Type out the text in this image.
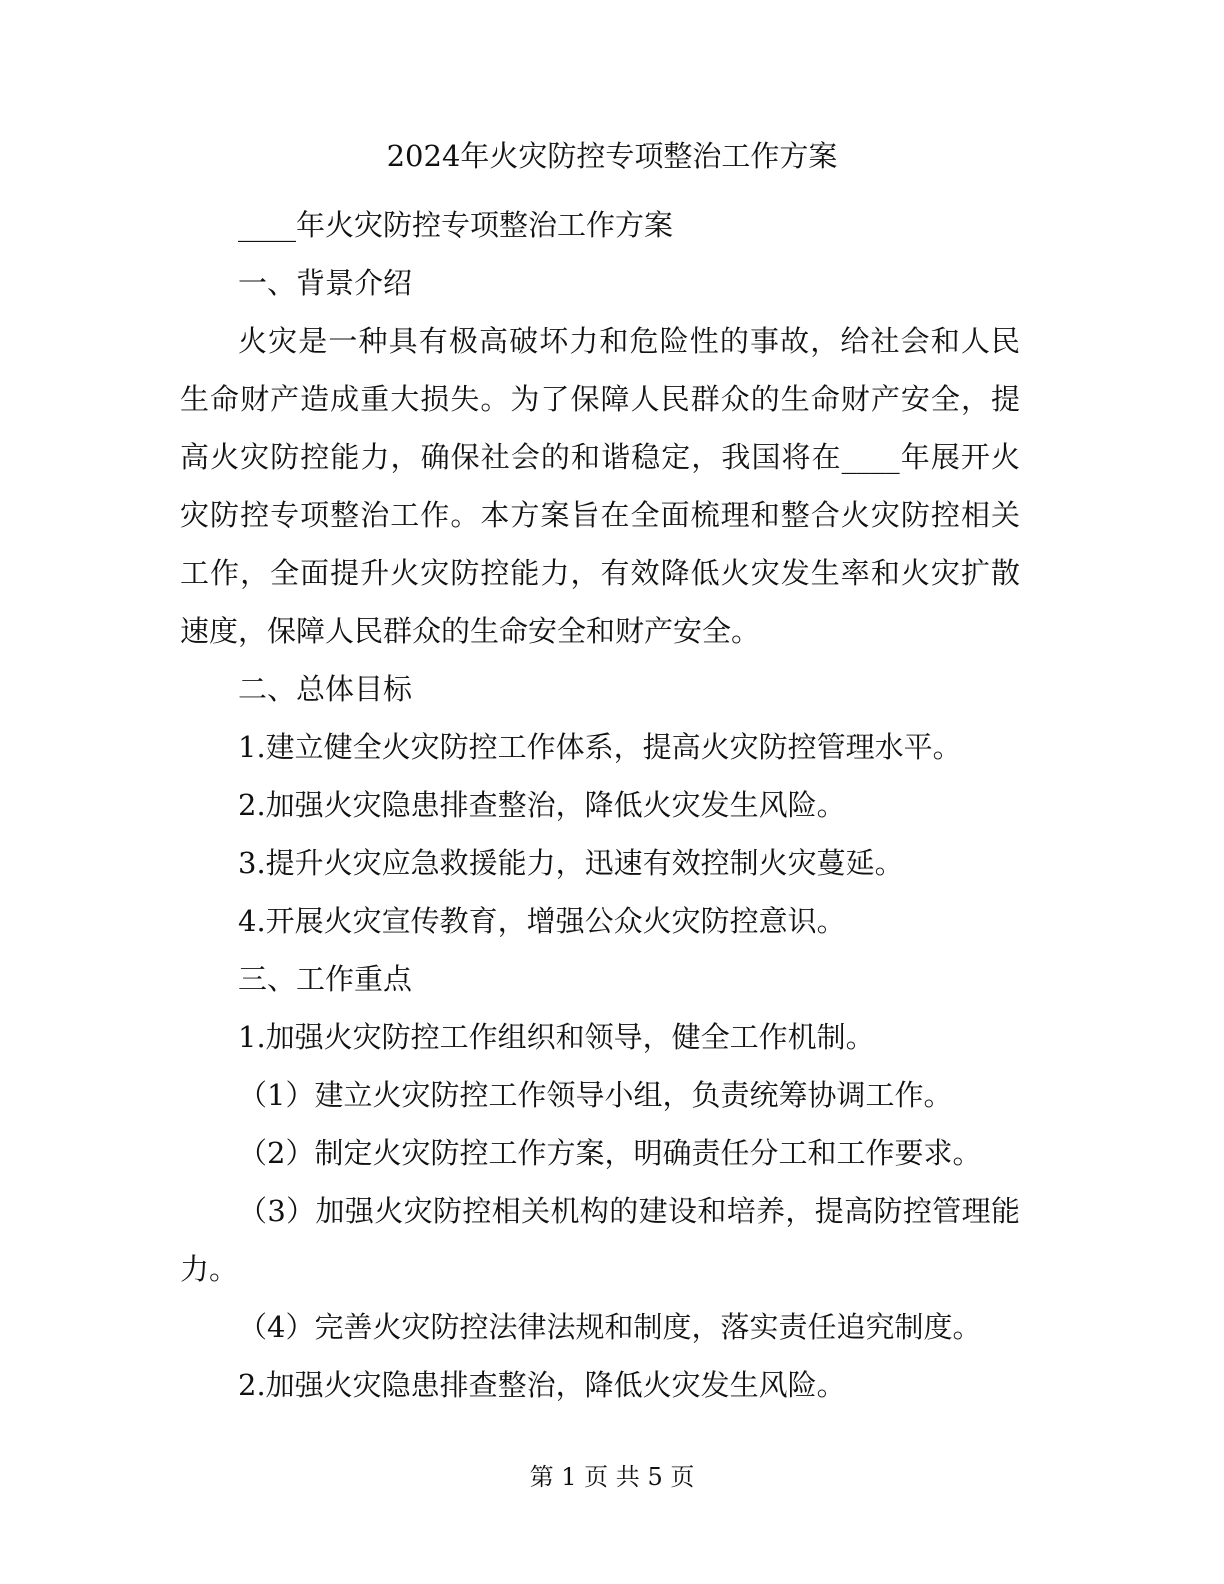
2024年火灾防控专项整治工作方案

____年火灾防控专项整治工作方案

一、背景介绍

火灾是一种具有极高破坏力和危险性的事故，给社会和人民生命财产造成重大损失。为了保障人民群众的生命财产安全，提高火灾防控能力，确保社会的和谐稳定，我国将在____年展开火灾防控专项整治工作。本方案旨在全面梳理和整合火灾防控相关工作，全面提升火灾防控能力，有效降低火灾发生率和火灾扩散速度，保障人民群众的生命安全和财产安全。

二、总体目标

1.建立健全火灾防控工作体系，提高火灾防控管理水平。

2.加强火灾隐患排查整治，降低火灾发生风险。

3.提升火灾应急救援能力，迅速有效控制火灾蔓延。

4.开展火灾宣传教育，增强公众火灾防控意识。

三、工作重点

1.加强火灾防控工作组织和领导，健全工作机制。

（1）建立火灾防控工作领导小组，负责统筹协调工作。

（2）制定火灾防控工作方案，明确责任分工和工作要求。

（3）加强火灾防控相关机构的建设和培养，提高防控管理能力。

（4）完善火灾防控法律法规和制度，落实责任追究制度。

2.加强火灾隐患排查整治，降低火灾发生风险。

第 1 页 共 5 页
